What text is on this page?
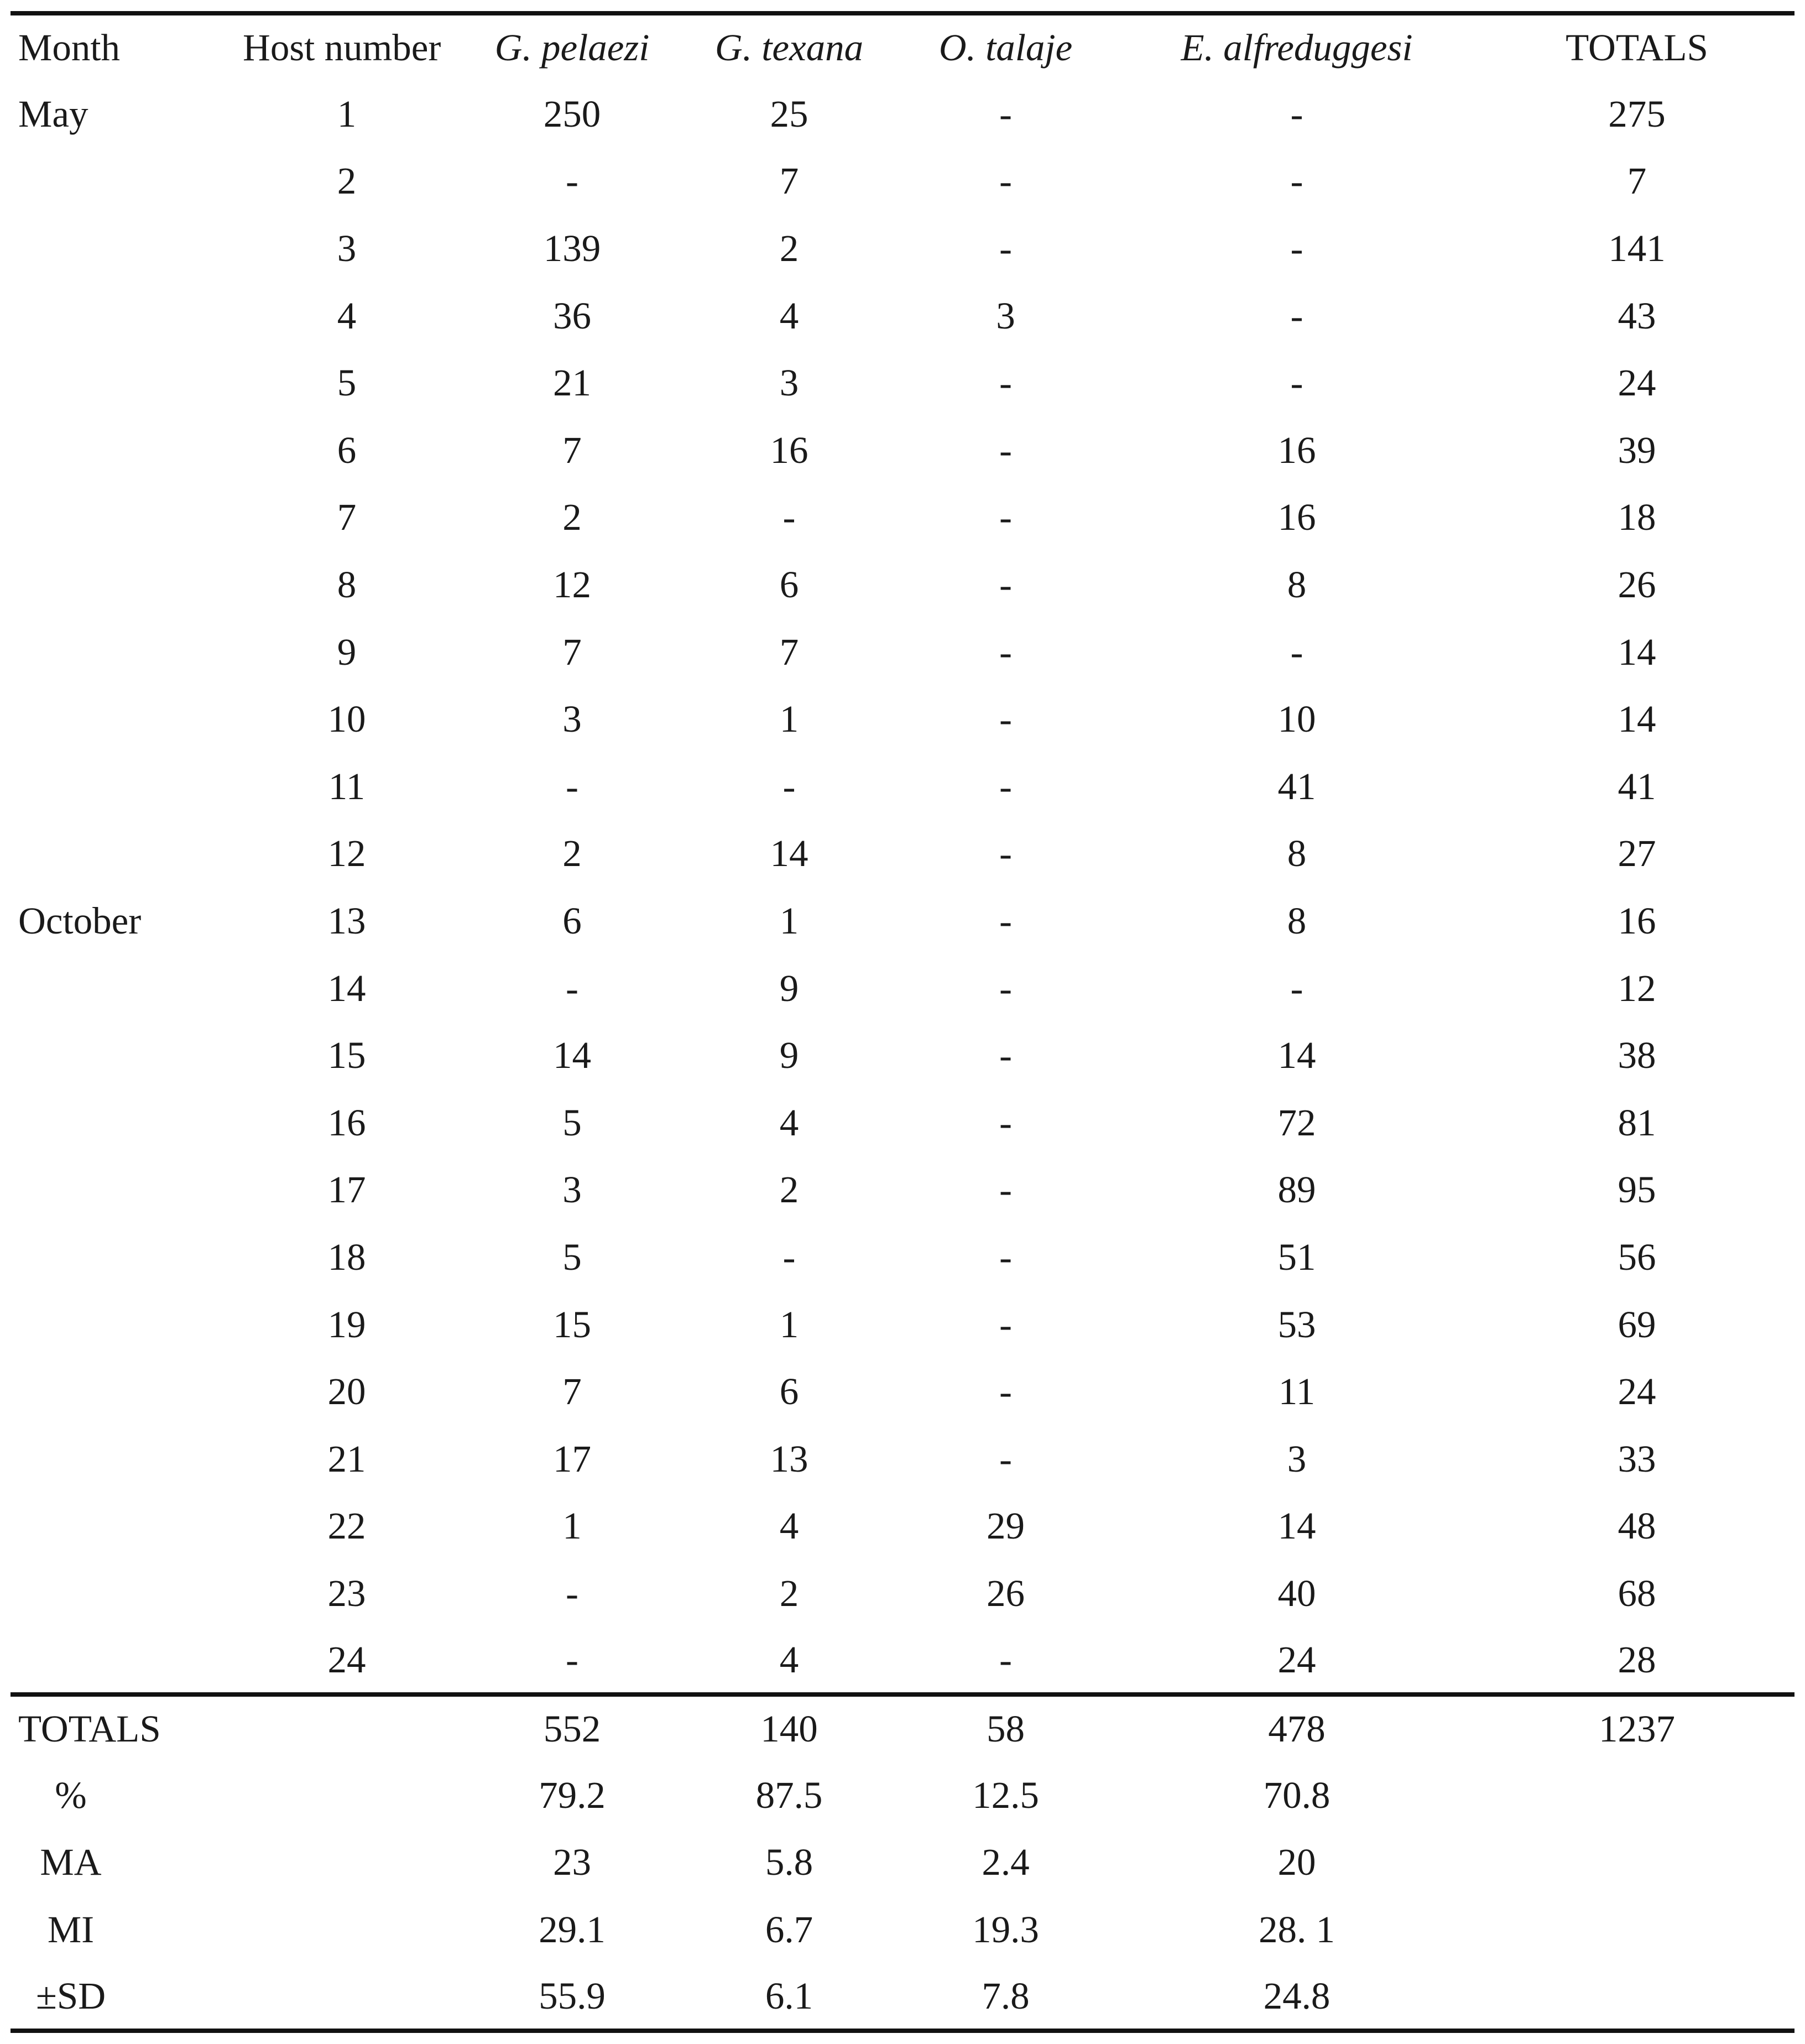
Month	Host number	G. pelaezi	G. texana	O. talaje	E. alfreduggesi	TOTALS
May	1	250	25	-	-	275
	2	-	7	-	-	7
	3	139	2	-	-	141
	4	36	4	3	-	43
	5	21	3	-	-	24
	6	7	16	-	16	39
	7	2	-	-	16	18
	8	12	6	-	8	26
	9	7	7	-	-	14
	10	3	1	-	10	14
	11	-	-	-	41	41
	12	2	14	-	8	27
October	13	6	1	-	8	16
	14	-	9	-	-	12
	15	14	9	-	14	38
	16	5	4	-	72	81
	17	3	2	-	89	95
	18	5	-	-	51	56
	19	15	1	-	53	69
	20	7	6	-	11	24
	21	17	13	-	3	33
	22	1	4	29	14	48
	23	-	2	26	40	68
	24	-	4	-	24	28
TOTALS		552	140	58	478	1237
%		79.2	87.5	12.5	70.8	
MA		23	5.8	2.4	20	
MI		29.1	6.7	19.3	28. 1	
±SD		55.9	6.1	7.8	24.8	
